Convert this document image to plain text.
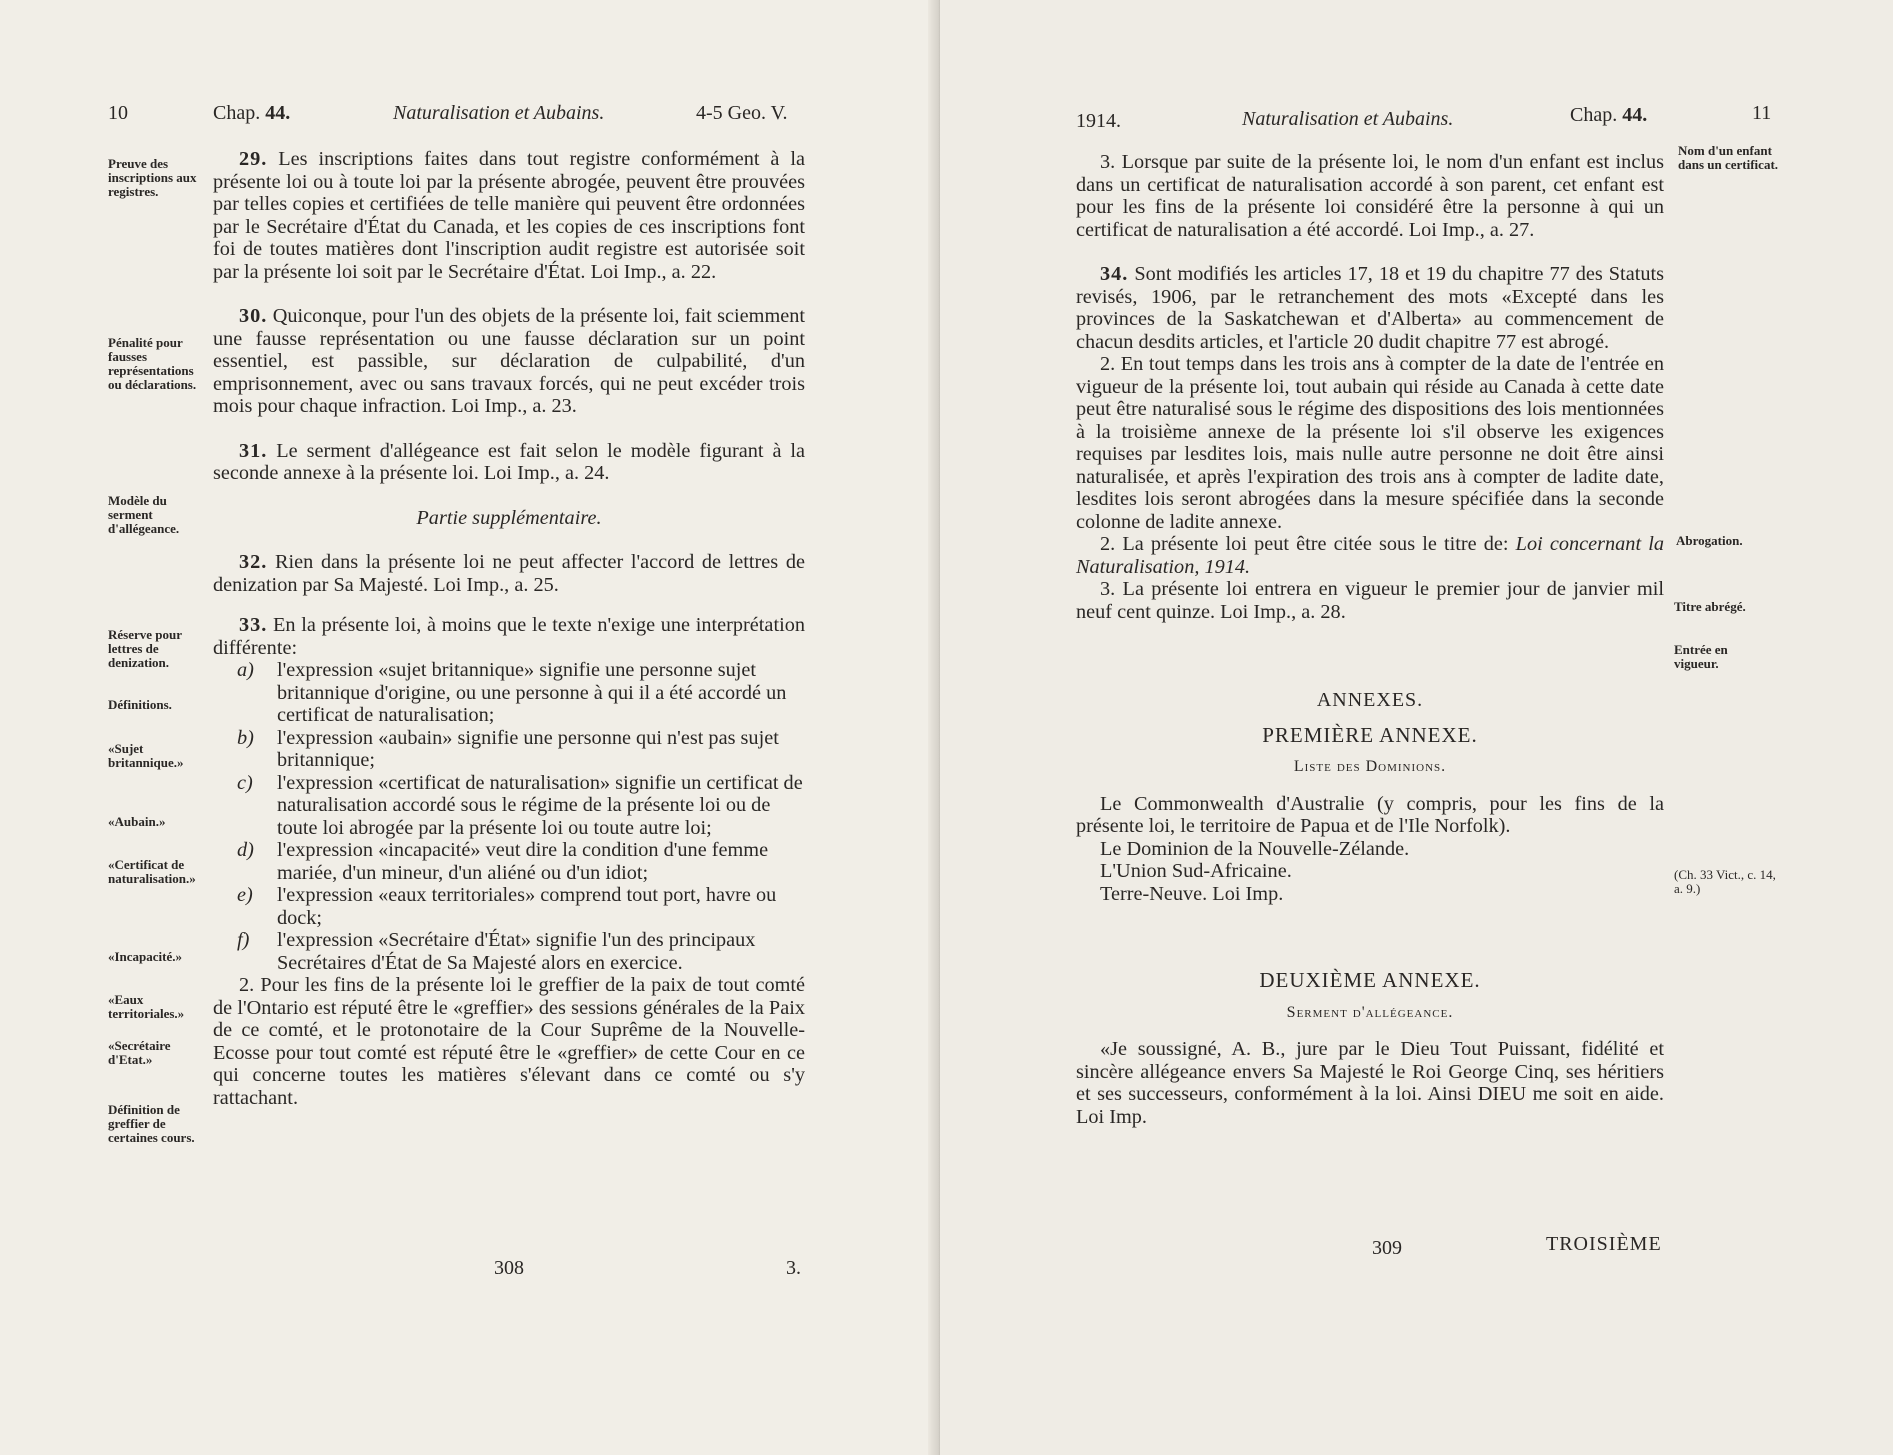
10	Chap. 44.	Naturalisation et Aubains.	4-5 Geo. V.
Preuve des inscriptions aux registres.
Pénalité pour fausses représentations ou déclarations.
Modèle du serment d'allégeance.
Réserve pour lettres de denization.
Définitions.
«Sujet britannique.»
«Aubain.»
«Certificat de naturalisation.»
«Incapacité.»
«Eaux territoriales.»
«Secrétaire d'Etat.»
Définition de greffier de certaines cours.

29. Les inscriptions faites dans tout registre conformément à la présente loi ou à toute loi par la présente abrogée, peuvent être prouvées par telles copies et certifiées de telle manière qui peuvent être ordonnées par le Secrétaire d'État du Canada, et les copies de ces inscriptions font foi de toutes matières dont l'inscription audit registre est autorisée soit par la présente loi soit par le Secrétaire d'État. Loi Imp., a. 22.

30. Quiconque, pour l'un des objets de la présente loi, fait sciemment une fausse représentation ou une fausse déclaration sur un point essentiel, est passible, sur déclaration de culpabilité, d'un emprisonnement, avec ou sans travaux forcés, qui ne peut excéder trois mois pour chaque infraction. Loi Imp., a. 23.

31. Le serment d'allégeance est fait selon le modèle figurant à la seconde annexe à la présente loi. Loi Imp., a. 24.

Partie supplémentaire.

32. Rien dans la présente loi ne peut affecter l'accord de lettres de denization par Sa Majesté. Loi Imp., a. 25.

33. En la présente loi, à moins que le texte n'exige une interprétation différente:

a)	l'expression «sujet britannique» signifie une personne sujet britannique d'origine, ou une personne à qui il a été accordé un certificat de naturalisation;
b)	l'expression «aubain» signifie une personne qui n'est pas sujet britannique;
c)	l'expression «certificat de naturalisation» signifie un certificat de naturalisation accordé sous le régime de la présente loi ou de toute loi abrogée par la présente loi ou toute autre loi;
d)	l'expression «incapacité» veut dire la condition d'une femme mariée, d'un mineur, d'un aliéné ou d'un idiot;
e)	l'expression «eaux territoriales» comprend tout port, havre ou dock;
f)	l'expression «Secrétaire d'État» signifie l'un des principaux Secrétaires d'État de Sa Majesté alors en exercice.

2. Pour les fins de la présente loi le greffier de la paix de tout comté de l'Ontario est réputé être le «greffier» des sessions générales de la Paix de ce comté, et le protonotaire de la Cour Suprême de la Nouvelle-Ecosse pour tout comté est réputé être le «greffier» de cette Cour en ce qui concerne toutes les matières s'élevant dans ce comté ou s'y rattachant.

308	3.
1914.	Naturalisation et Aubains.	Chap. 44.	11
Nom d'un enfant dans un certificat.
Abrogation.
Titre abrégé.
Entrée en vigueur.
(Ch. 33 Vict., c. 14, a. 9.)

3. Lorsque par suite de la présente loi, le nom d'un enfant est inclus dans un certificat de naturalisation accordé à son parent, cet enfant est pour les fins de la présente loi considéré être la personne à qui un certificat de naturalisation a été accordé. Loi Imp., a. 27.

34. Sont modifiés les articles 17, 18 et 19 du chapitre 77 des Statuts revisés, 1906, par le retranchement des mots «Excepté dans les provinces de la Saskatchewan et d'Alberta» au commencement de chacun desdits articles, et l'article 20 dudit chapitre 77 est abrogé.

2. En tout temps dans les trois ans à compter de la date de l'entrée en vigueur de la présente loi, tout aubain qui réside au Canada à cette date peut être naturalisé sous le régime des dispositions des lois mentionnées à la troisième annexe de la présente loi s'il observe les exigences requises par lesdites lois, mais nulle autre personne ne doit être ainsi naturalisée, et après l'expiration des trois ans à compter de ladite date, lesdites lois seront abrogées dans la mesure spécifiée dans la seconde colonne de ladite annexe.

2. La présente loi peut être citée sous le titre de: Loi concernant la Naturalisation, 1914.

3. La présente loi entrera en vigueur le premier jour de janvier mil neuf cent quinze. Loi Imp., a. 28.

ANNEXES.

PREMIÈRE ANNEXE.

Liste des Dominions.

Le Commonwealth d'Australie (y compris, pour les fins de la présente loi, le territoire de Papua et de l'Ile Norfolk).

Le Dominion de la Nouvelle-Zélande.

L'Union Sud-Africaine.

Terre-Neuve. Loi Imp.

DEUXIÈME ANNEXE.

Serment d'allégeance.

«Je soussigné, A. B., jure par le Dieu Tout Puissant, fidélité et sincère allégeance envers Sa Majesté le Roi George Cinq, ses héritiers et ses successeurs, conformément à la loi. Ainsi DIEU me soit en aide. Loi Imp.

309	TROISIÈME
